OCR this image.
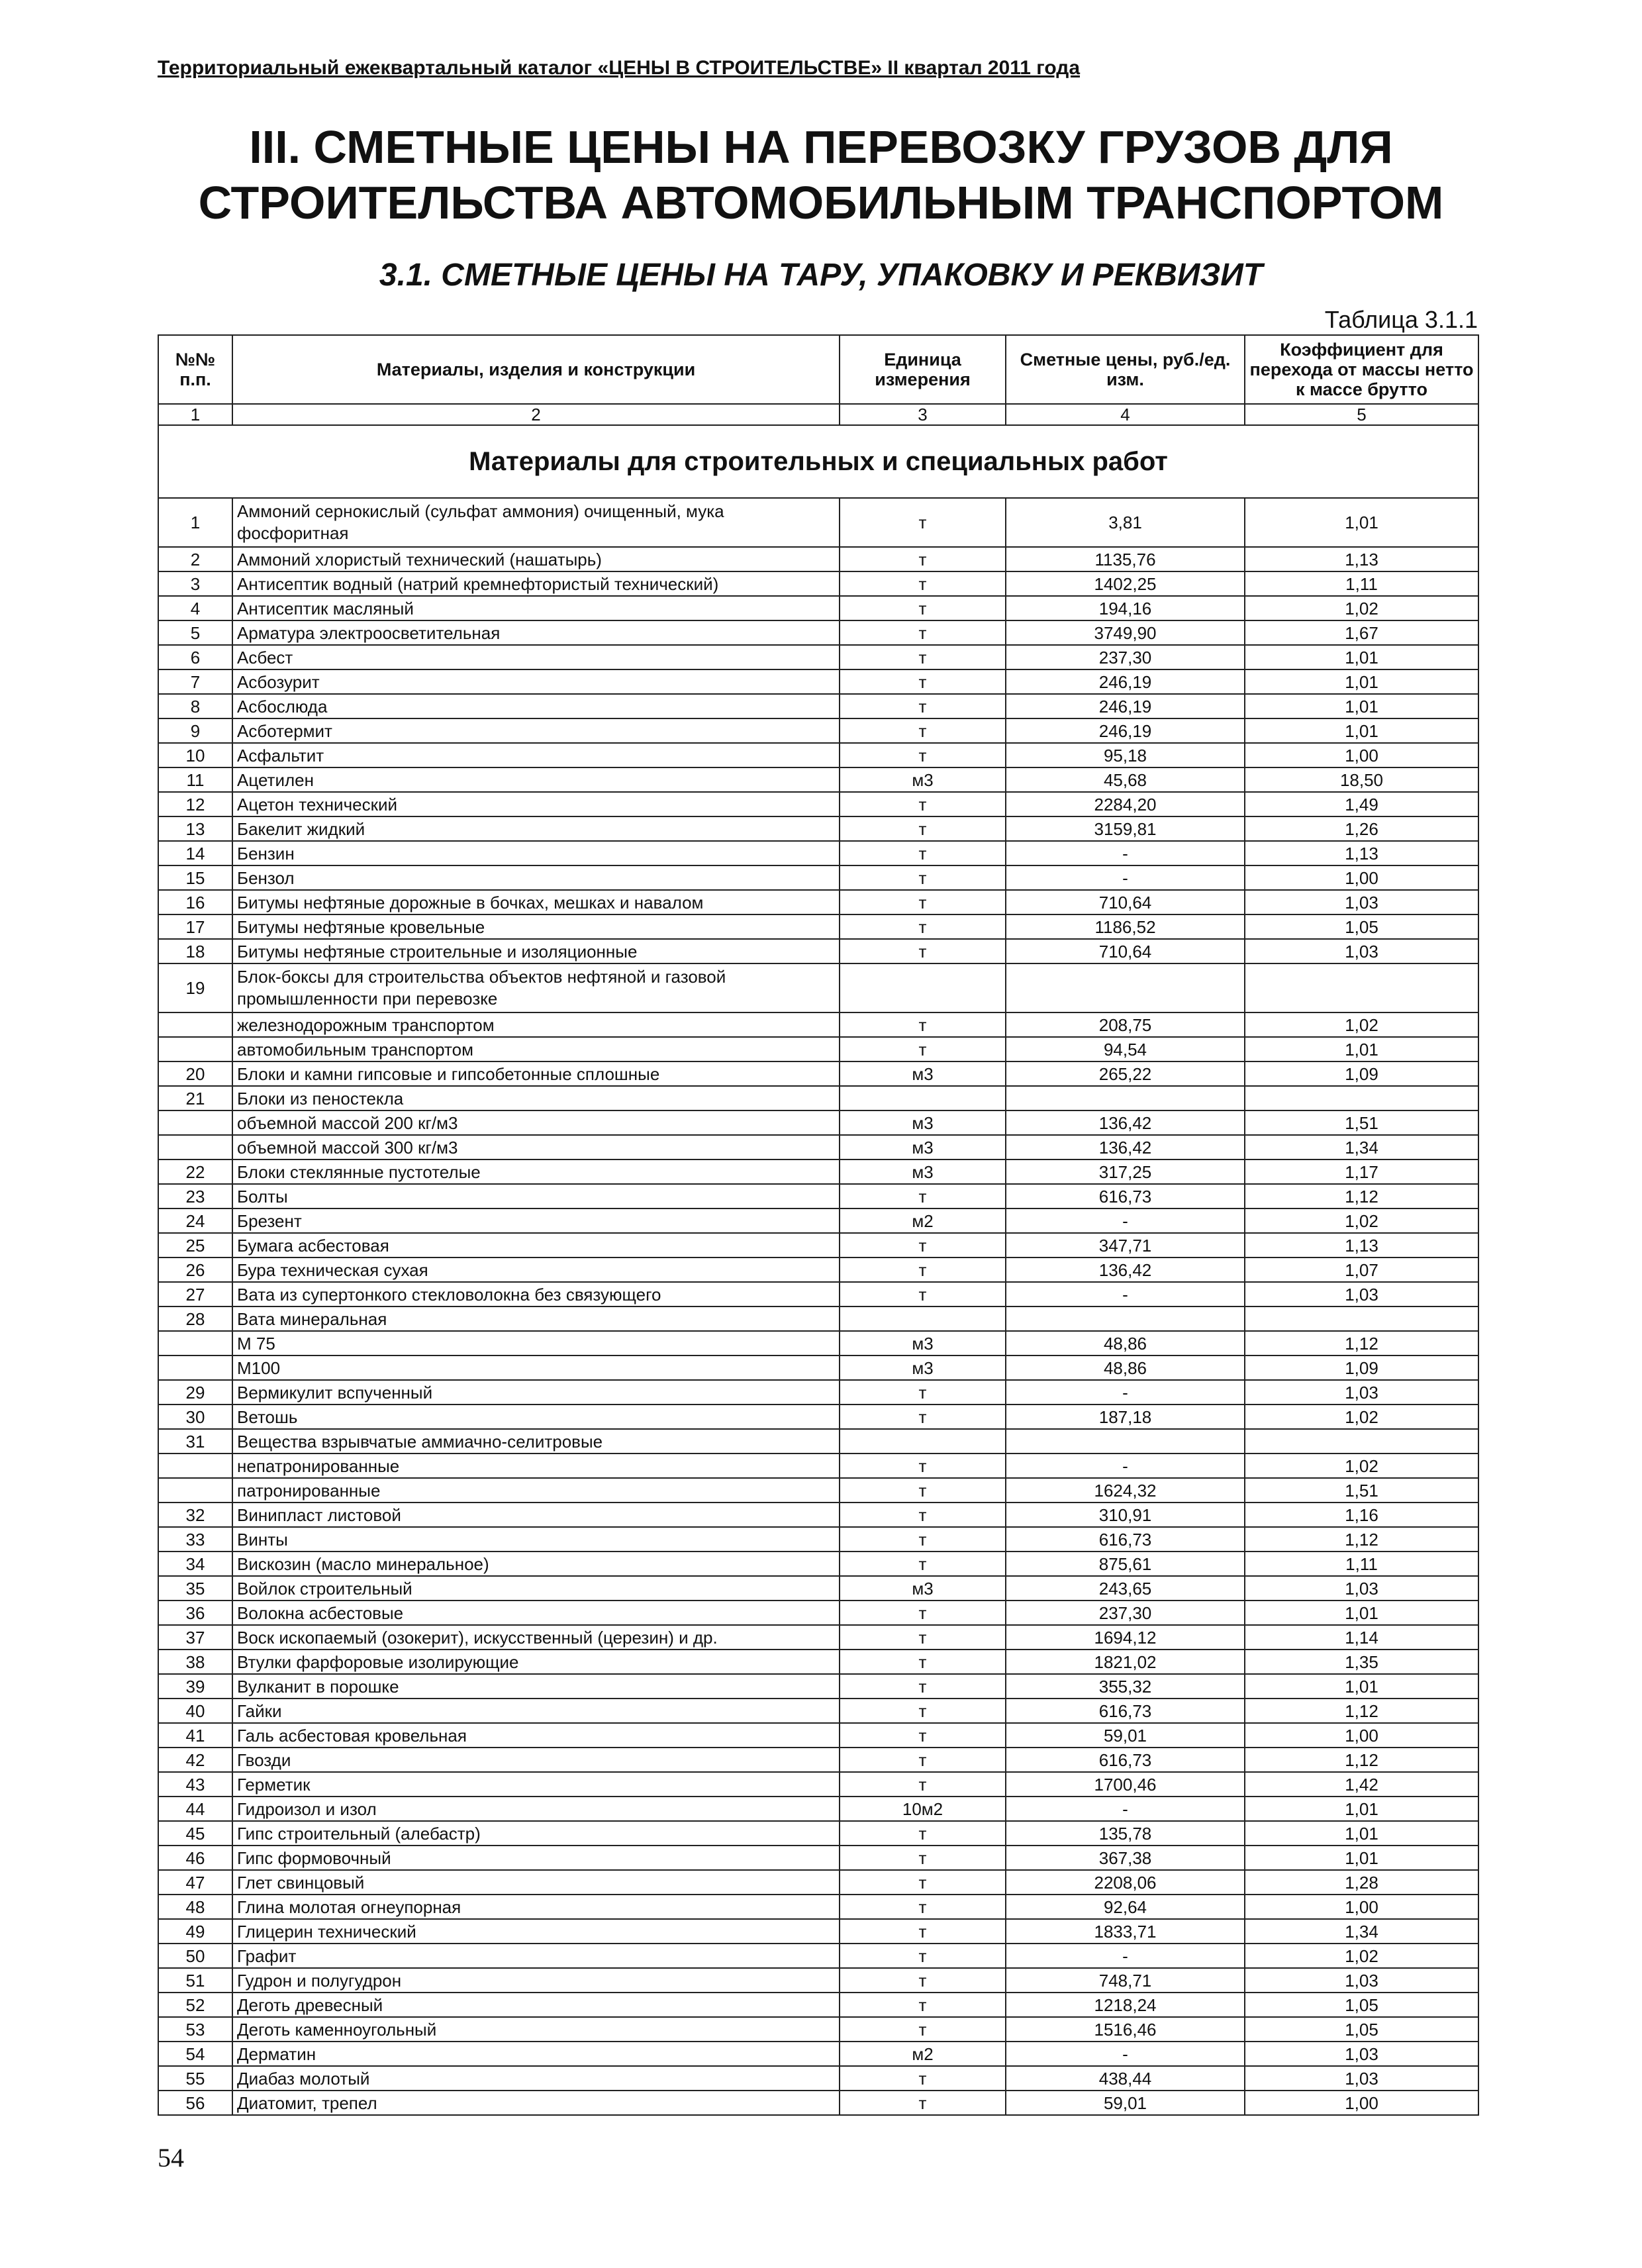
Территориальный ежеквартальный каталог «ЦЕНЫ В СТРОИТЕЛЬСТВЕ» II квартал 2011 года
III. СМЕТНЫЕ ЦЕНЫ НА ПЕРЕВОЗКУ ГРУЗОВ ДЛЯ
СТРОИТЕЛЬСТВА АВТОМОБИЛЬНЫМ ТРАНСПОРТОМ
3.1. СМЕТНЫЕ ЦЕНЫ НА ТАРУ, УПАКОВКУ И РЕКВИЗИТ
Таблица 3.1.1
№№ п.п.	Материалы, изделия и конструкции	Единица измерения	Сметные цены, руб./ед. изм.	Коэффициент для перехода от массы нетто к массе брутто
1	2	3	4	5
Материалы для строительных и специальных работ				
1	Аммоний сернокислый (сульфат аммония) очищенный, мука фосфоритная	т	3,81	1,01
2	Аммоний хлористый технический (нашатырь)	т	1135,76	1,13
3	Антисептик водный (натрий кремнефтористый технический)	т	1402,25	1,11
4	Антисептик масляный	т	194,16	1,02
5	Арматура электроосветительная	т	3749,90	1,67
6	Асбест	т	237,30	1,01
7	Асбозурит	т	246,19	1,01
8	Асбослюда	т	246,19	1,01
9	Асботермит	т	246,19	1,01
10	Асфальтит	т	95,18	1,00
11	Ацетилен	м3	45,68	18,50
12	Ацетон технический	т	2284,20	1,49
13	Бакелит жидкий	т	3159,81	1,26
14	Бензин	т	-	1,13
15	Бензол	т	-	1,00
16	Битумы нефтяные дорожные в бочках, мешках и навалом	т	710,64	1,03
17	Битумы нефтяные кровельные	т	1186,52	1,05
18	Битумы нефтяные строительные и изоляционные	т	710,64	1,03
19	Блок-боксы для строительства объектов нефтяной и газовой промышленности при перевозке			
	железнодорожным транспортом	т	208,75	1,02
	автомобильным транспортом	т	94,54	1,01
20	Блоки и камни гипсовые и гипсобетонные сплошные	м3	265,22	1,09
21	Блоки из пеностекла			
	объемной массой 200 кг/м3	м3	136,42	1,51
	объемной массой 300 кг/м3	м3	136,42	1,34
22	Блоки стеклянные пустотелые	м3	317,25	1,17
23	Болты	т	616,73	1,12
24	Брезент	м2	-	1,02
25	Бумага асбестовая	т	347,71	1,13
26	Бура техническая сухая	т	136,42	1,07
27	Вата из супертонкого стекловолокна без связующего	т	-	1,03
28	Вата минеральная			
	М 75	м3	48,86	1,12
	М100	м3	48,86	1,09
29	Вермикулит вспученный	т	-	1,03
30	Ветошь	т	187,18	1,02
31	Вещества взрывчатые аммиачно-селитровые			
	непатронированные	т	-	1,02
	патронированные	т	1624,32	1,51
32	Винипласт листовой	т	310,91	1,16
33	Винты	т	616,73	1,12
34	Вискозин (масло минеральное)	т	875,61	1,11
35	Войлок строительный	м3	243,65	1,03
36	Волокна асбестовые	т	237,30	1,01
37	Воск ископаемый (озокерит), искусственный (церезин) и др.	т	1694,12	1,14
38	Втулки фарфоровые изолирующие	т	1821,02	1,35
39	Вулканит в порошке	т	355,32	1,01
40	Гайки	т	616,73	1,12
41	Галь асбестовая кровельная	т	59,01	1,00
42	Гвозди	т	616,73	1,12
43	Герметик	т	1700,46	1,42
44	Гидроизол и изол	10м2	-	1,01
45	Гипс строительный (алебастр)	т	135,78	1,01
46	Гипс формовочный	т	367,38	1,01
47	Глет свинцовый	т	2208,06	1,28
48	Глина молотая огнеупорная	т	92,64	1,00
49	Глицерин технический	т	1833,71	1,34
50	Графит	т	-	1,02
51	Гудрон и полугудрон	т	748,71	1,03
52	Деготь древесный	т	1218,24	1,05
53	Деготь каменноугольный	т	1516,46	1,05
54	Дерматин	м2	-	1,03
55	Диабаз молотый	т	438,44	1,03
56	Диатомит, трепел	т	59,01	1,00
54
